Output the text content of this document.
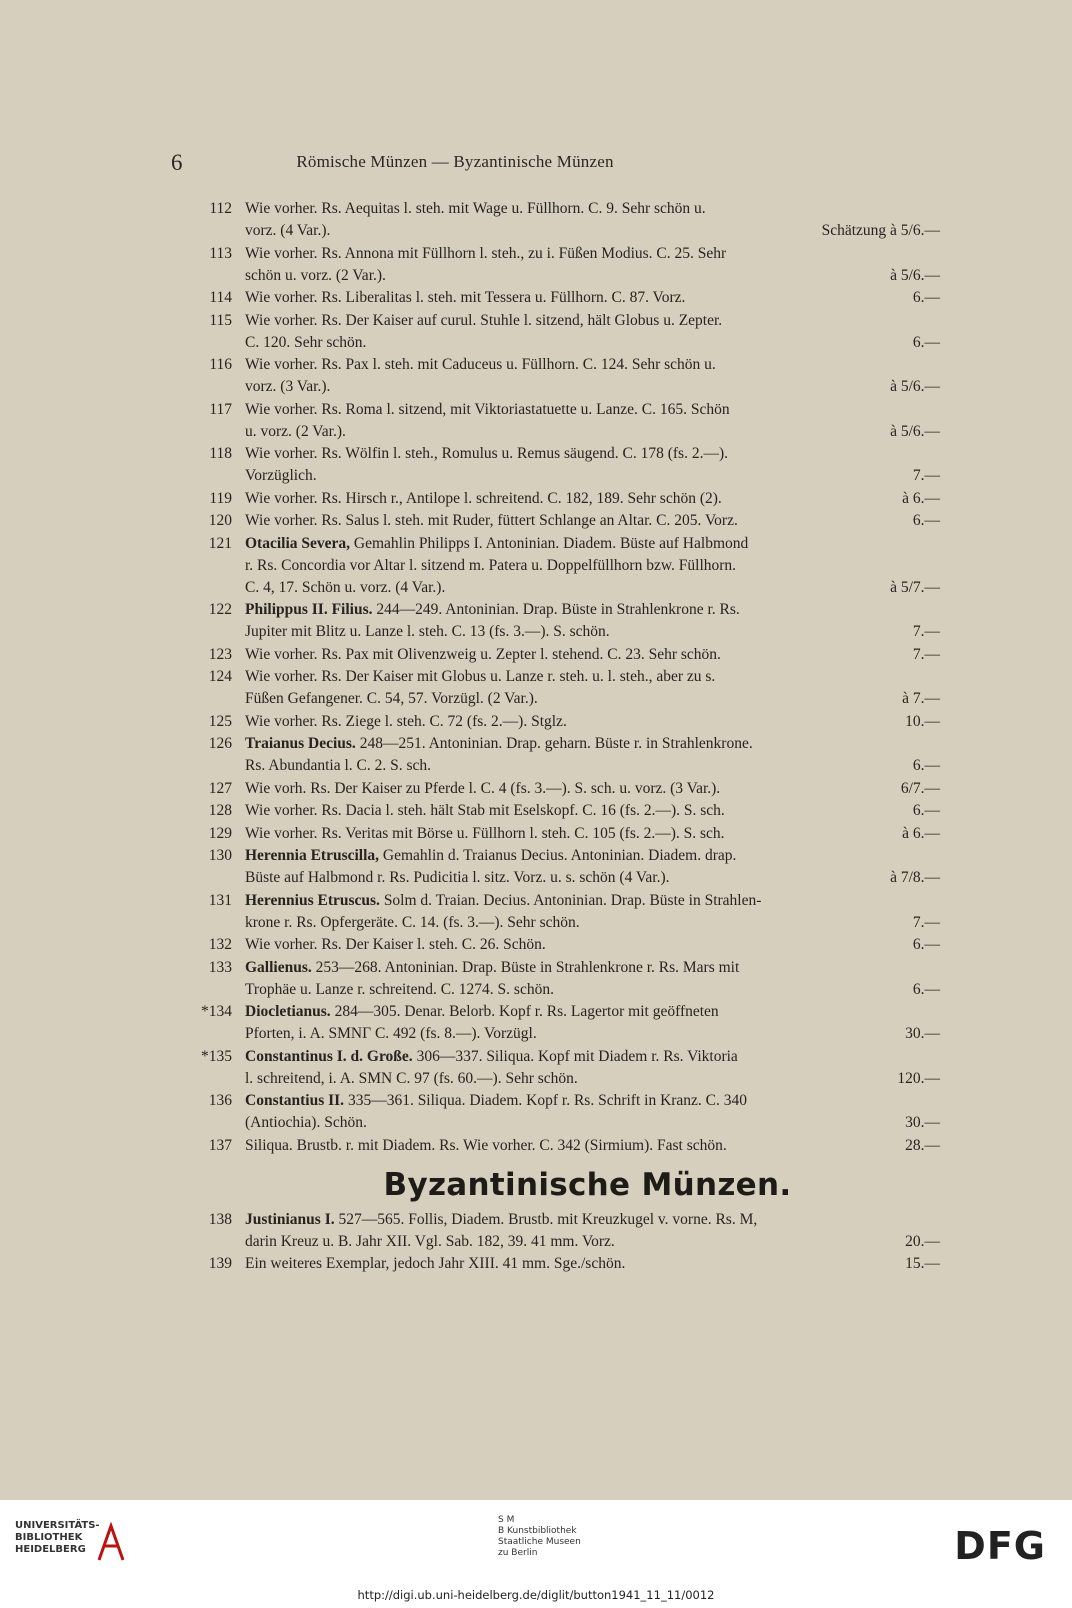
6	Römische Münzen — Byzantinische Münzen
112 Wie vorher. Rs. Aequitas l. steh. mit Wage u. Füllhorn. C. 9. Sehr schön u.
vorz. (4 Var.).	Schätzung à 5/6.—
113 Wie vorher. Rs. Annona mit Füllhorn l. steh., zu i. Füßen Modius. C. 25. Sehr
schön u. vorz. (2 Var.).	à 5/6.—
114 Wie vorher. Rs. Liberalitas l. steh. mit Tessera u. Füllhorn. C. 87. Vorz.	6.—
115 Wie vorher. Rs. Der Kaiser auf curul. Stuhle l. sitzend, hält Globus u. Zepter.
C. 120. Sehr schön.	6.—
116 Wie vorher. Rs. Pax l. steh. mit Caduceus u. Füllhorn. C. 124. Sehr schön u.
vorz. (3 Var.).	à 5/6.—
117 Wie vorher. Rs. Roma l. sitzend, mit Viktoriastatuette u. Lanze. C. 165. Schön
u. vorz. (2 Var.).	à 5/6.—
118 Wie vorher. Rs. Wölfin l. steh., Romulus u. Remus säugend. C. 178 (fs. 2.—).
Vorzüglich.	7.—
119 Wie vorher. Rs. Hirsch r., Antilope l. schreitend. C. 182, 189. Sehr schön (2).	à 6.—
120 Wie vorher. Rs. Salus l. steh. mit Ruder, füttert Schlange an Altar. C. 205. Vorz.	6.—
121 Otacilia Severa, Gemahlin Philipps I. Antoninian. Diadem. Büste auf Halbmond
r. Rs. Concordia vor Altar l. sitzend m. Patera u. Doppelfüllhorn bzw. Füllhorn.
C. 4, 17. Schön u. vorz. (4 Var.).	à 5/7.—
122 Philippus II. Filius. 244—249. Antoninian. Drap. Büste in Strahlenkrone r. Rs.
Jupiter mit Blitz u. Lanze l. steh. C. 13 (fs. 3.—). S. schön.	7.—
123 Wie vorher. Rs. Pax mit Olivenzweig u. Zepter l. stehend. C. 23. Sehr schön.	7.—
124 Wie vorher. Rs. Der Kaiser mit Globus u. Lanze r. steh. u. l. steh., aber zu s.
Füßen Gefangener. C. 54, 57. Vorzügl. (2 Var.).	à 7.—
125 Wie vorher. Rs. Ziege l. steh. C. 72 (fs. 2.—). Stglz.	10.—
126 Traianus Decius. 248—251. Antoninian. Drap. geharn. Büste r. in Strahlenkrone.
Rs. Abundantia l. C. 2. S. sch.	6.—
127 Wie vorh. Rs. Der Kaiser zu Pferde l. C. 4 (fs. 3.—). S. sch. u. vorz. (3 Var.).	6/7.—
128 Wie vorher. Rs. Dacia l. steh. hält Stab mit Eselskopf. C. 16 (fs. 2.—). S. sch.	6.—
129 Wie vorher. Rs. Veritas mit Börse u. Füllhorn l. steh. C. 105 (fs. 2.—). S. sch.	à 6.—
130 Herennia Etruscilla, Gemahlin d. Traianus Decius. Antoninian. Diadem. drap.
Büste auf Halbmond r. Rs. Pudicitia l. sitz. Vorz. u. s. schön (4 Var.).	à 7/8.—
131 Herennius Etruscus. Solm d. Traian. Decius. Antoninian. Drap. Büste in Strahlen-
krone r. Rs. Opfergeräte. C. 14. (fs. 3.—). Sehr schön.	7.—
132 Wie vorher. Rs. Der Kaiser l. steh. C. 26. Schön.	6.—
133 Gallienus. 253—268. Antoninian. Drap. Büste in Strahlenkrone r. Rs. Mars mit
Trophäe u. Lanze r. schreitend. C. 1274. S. schön.	6.—
*134 Diocletianus. 284—305. Denar. Belorb. Kopf r. Rs. Lagertor mit geöffneten
Pforten, i. A. SMNΓ C. 492 (fs. 8.—). Vorzügl.	30.—
*135 Constantinus I. d. Große. 306—337. Siliqua. Kopf mit Diadem r. Rs. Viktoria
l. schreitend, i. A. SMN C. 97 (fs. 60.—). Sehr schön.	120.—
136 Constantius II. 335—361. Siliqua. Diadem. Kopf r. Rs. Schrift in Kranz. C. 340
(Antiochia). Schön.	30.—
137 Siliqua. Brustb. r. mit Diadem. Rs. Wie vorher. C. 342 (Sirmium). Fast schön.	28.—
Byzantinische Münzen.
138 Justinianus I. 527—565. Follis, Diadem. Brustb. mit Kreuzkugel v. vorne. Rs. M,
darin Kreuz u. B. Jahr XII. Vgl. Sab. 182, 39. 41 mm. Vorz.	20.—
139 Ein weiteres Exemplar, jedoch Jahr XIII. 41 mm. Sge./schön.	15.—
UNIVERSITÄTS-
BIBLIOTHEK
HEIDELBERG
S M
B Kunstbibliothek
Staatliche Museen
zu Berlin	DFG
http://digi.ub.uni-heidelberg.de/diglit/button1941_11_11/0012
